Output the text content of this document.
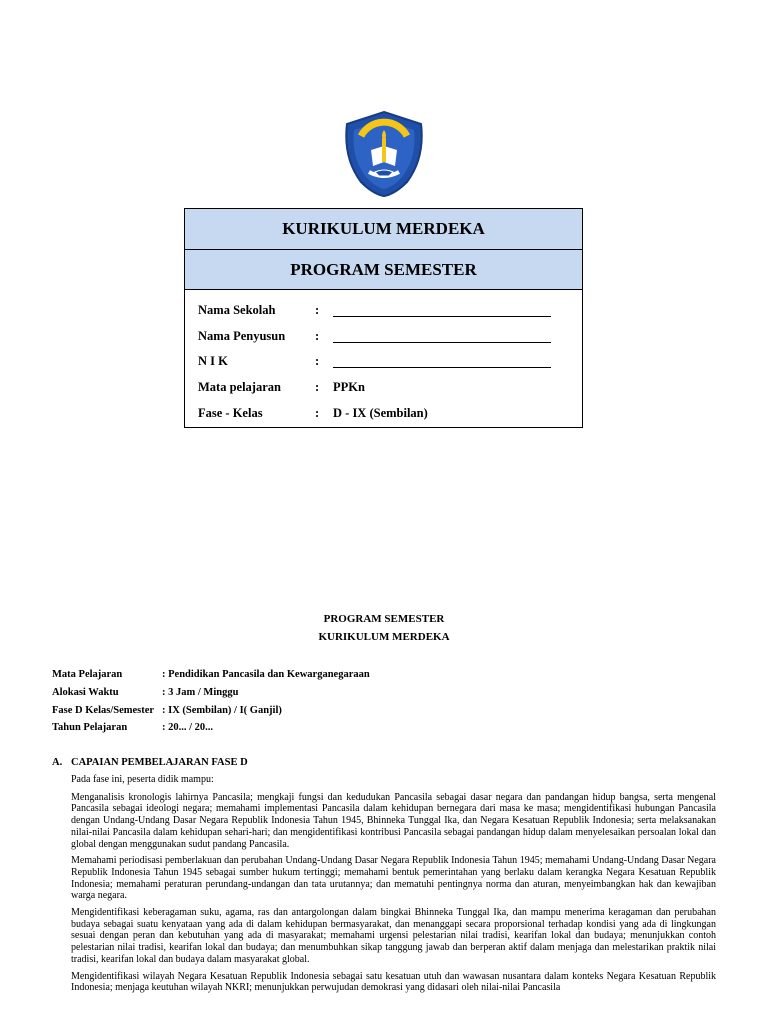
KURIKULUM MERDEKA
PROGRAM SEMESTER
Nama Sekolah	:
Nama Penyusun	:
N I K	:
Mata pelajaran	:	PPKn
Fase - Kelas	:	D - IX (Sembilan)
PROGRAM SEMESTER
KURIKULUM MERDEKA
Mata Pelajaran	: Pendidikan Pancasila dan Kewarganegaraan
Alokasi Waktu	: 3 Jam / Minggu
Fase D Kelas/Semester : IX (Sembilan) / I( Ganjil)
Tahun Pelajaran	: 20... / 20...
A. CAPAIAN PEMBELAJARAN FASE D

Pada fase ini, peserta didik mampu:

Menganalisis kronologis lahirnya Pancasila; mengkaji fungsi dan kedudukan Pancasila sebagai dasar negara dan pandangan hidup bangsa, serta mengenal Pancasila sebagai ideologi negara; memahami implementasi Pancasila dalam kehidupan bernegara dari masa ke masa; mengidentifikasi hubungan Pancasila dengan Undang-Undang Dasar Negara Republik Indonesia Tahun 1945, Bhinneka Tunggal Ika, dan Negara Kesatuan Republik Indonesia; serta melaksanakan nilai-nilai Pancasila dalam kehidupan sehari-hari; dan mengidentifikasi kontribusi Pancasila sebagai pandangan hidup dalam menyelesaikan persoalan lokal dan global dengan menggunakan sudut pandang Pancasila.

Memahami periodisasi pemberlakuan dan perubahan Undang-Undang Dasar Negara Republik Indonesia Tahun 1945; memahami Undang-Undang Dasar Negara Republik Indonesia Tahun 1945 sebagai sumber hukum tertinggi; memahami bentuk pemerintahan yang berlaku dalam kerangka Negara Kesatuan Republik Indonesia; memahami peraturan perundang-undangan dan tata urutannya; dan mematuhi pentingnya norma dan aturan, menyeimbangkan hak dan kewajiban warga negara.

Mengidentifikasi keberagaman suku, agama, ras dan antargolongan dalam bingkai Bhinneka Tunggal Ika, dan mampu menerima keragaman dan perubahan budaya sebagai suatu kenyataan yang ada di dalam kehidupan bermasyarakat, dan menanggapi secara proporsional terhadap kondisi yang ada di lingkungan sesuai dengan peran dan kebutuhan yang ada di masyarakat; memahami urgensi pelestarian nilai tradisi, kearifan lokal dan budaya; menunjukkan contoh pelestarian nilai tradisi, kearifan lokal dan budaya; dan menumbuhkan sikap tanggung jawab dan berperan aktif dalam menjaga dan melestarikan praktik nilai tradisi, kearifan lokal dan budaya dalam masyarakat global.

Mengidentifikasi wilayah Negara Kesatuan Republik Indonesia sebagai satu kesatuan utuh dan wawasan nusantara dalam konteks Negara Kesatuan Republik Indonesia; menjaga keutuhan wilayah NKRI; menunjukkan perwujudan demokrasi yang didasari oleh nilai-nilai Pancasila
